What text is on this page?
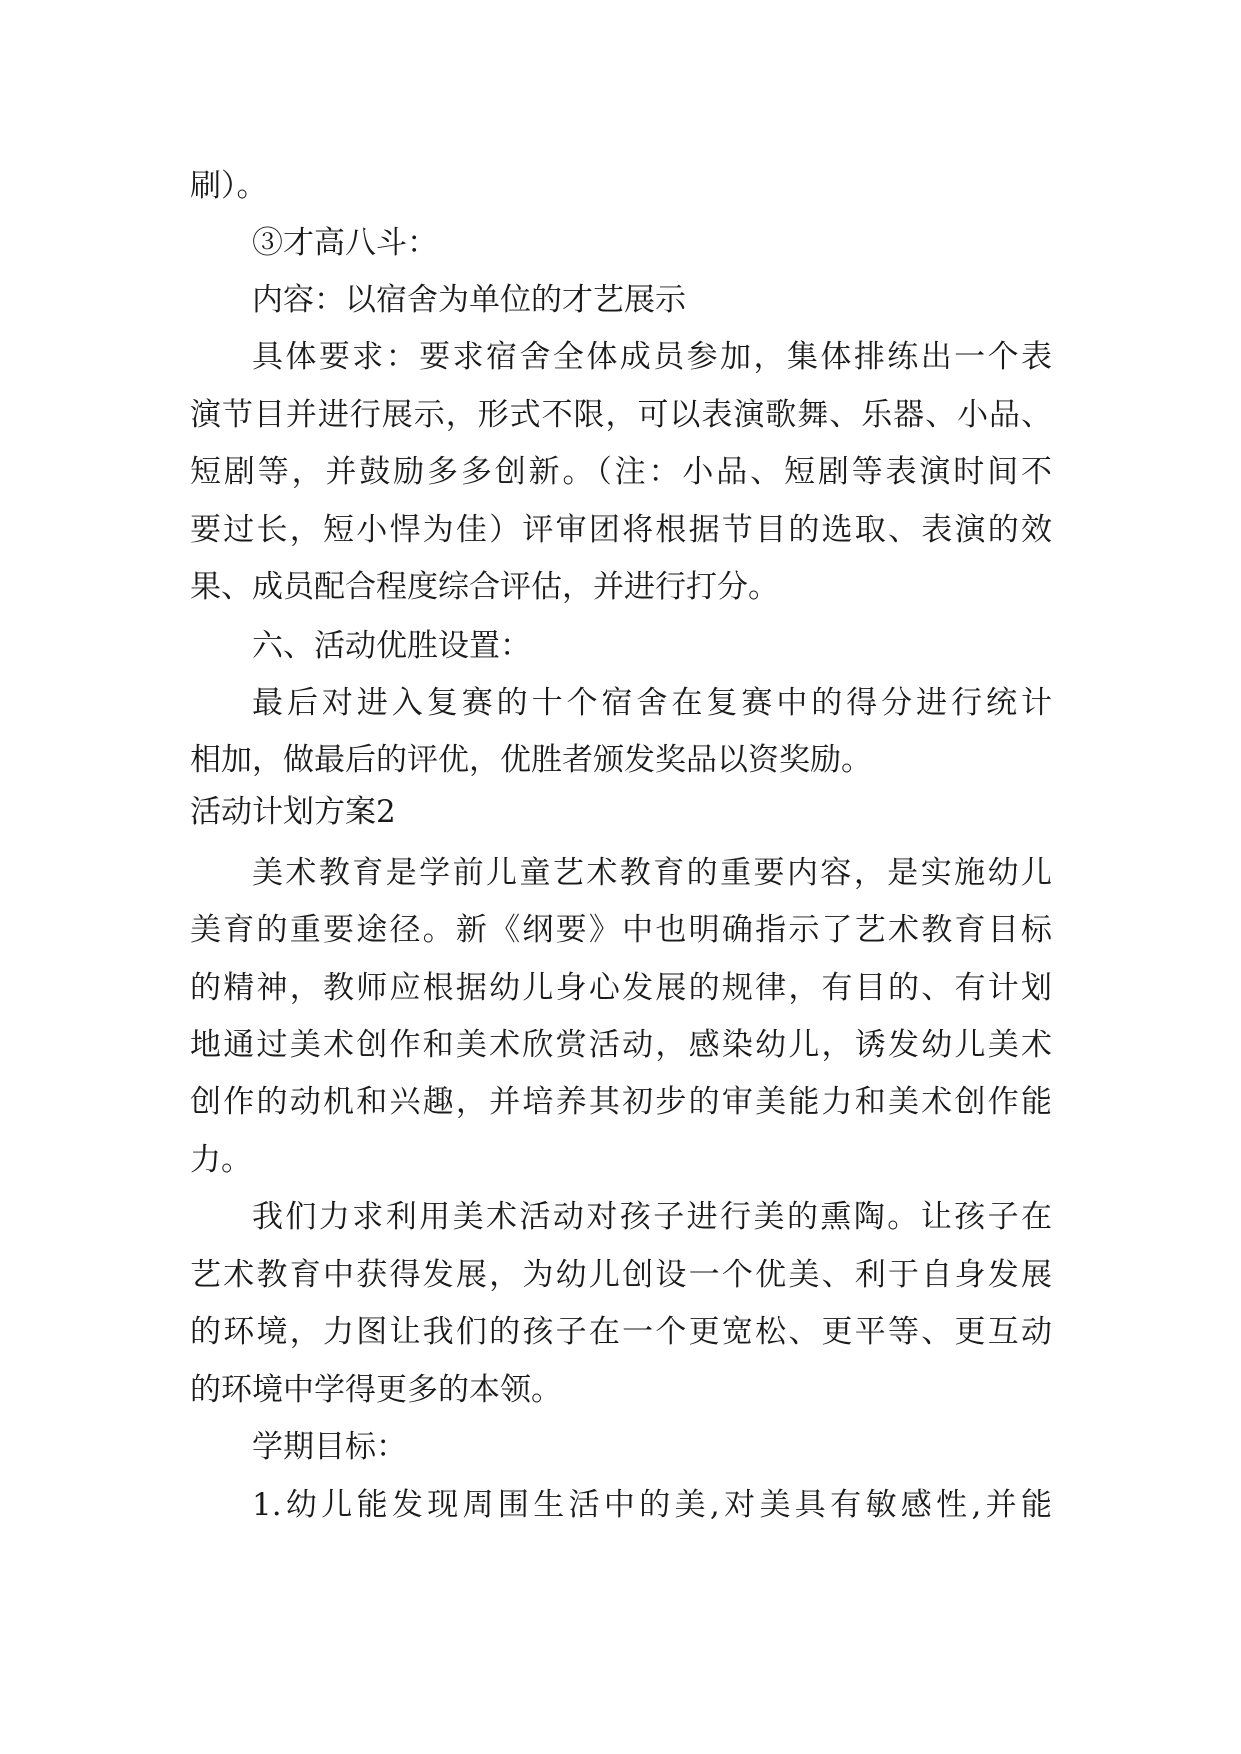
刷）。
③才高八斗：
内容：以宿舍为单位的才艺展示
具体要求：要求宿舍全体成员参加，集体排练出一个表
演节目并进行展示，形式不限，可以表演歌舞、乐器、小品、
短剧等，并鼓励多多创新。（注：小品、短剧等表演时间不
要过长，短小悍为佳）评审团将根据节目的选取、表演的效
果、成员配合程度综合评估，并进行打分。
六、活动优胜设置：
最后对进入复赛的十个宿舍在复赛中的得分进行统计
相加，做最后的评优，优胜者颁发奖品以资奖励。
活动计划方案2
美术教育是学前儿童艺术教育的重要内容，是实施幼儿
美育的重要途径。新《纲要》中也明确指示了艺术教育目标
的精神，教师应根据幼儿身心发展的规律，有目的、有计划
地通过美术创作和美术欣赏活动，感染幼儿，诱发幼儿美术
创作的动机和兴趣，并培养其初步的审美能力和美术创作能
力。
我们力求利用美术活动对孩子进行美的熏陶。让孩子在
艺术教育中获得发展，为幼儿创设一个优美、利于自身发展
的环境，力图让我们的孩子在一个更宽松、更平等、更互动
的环境中学得更多的本领。
学期目标：
1.幼儿能发现周围生活中的美,对美具有敏感性,并能
